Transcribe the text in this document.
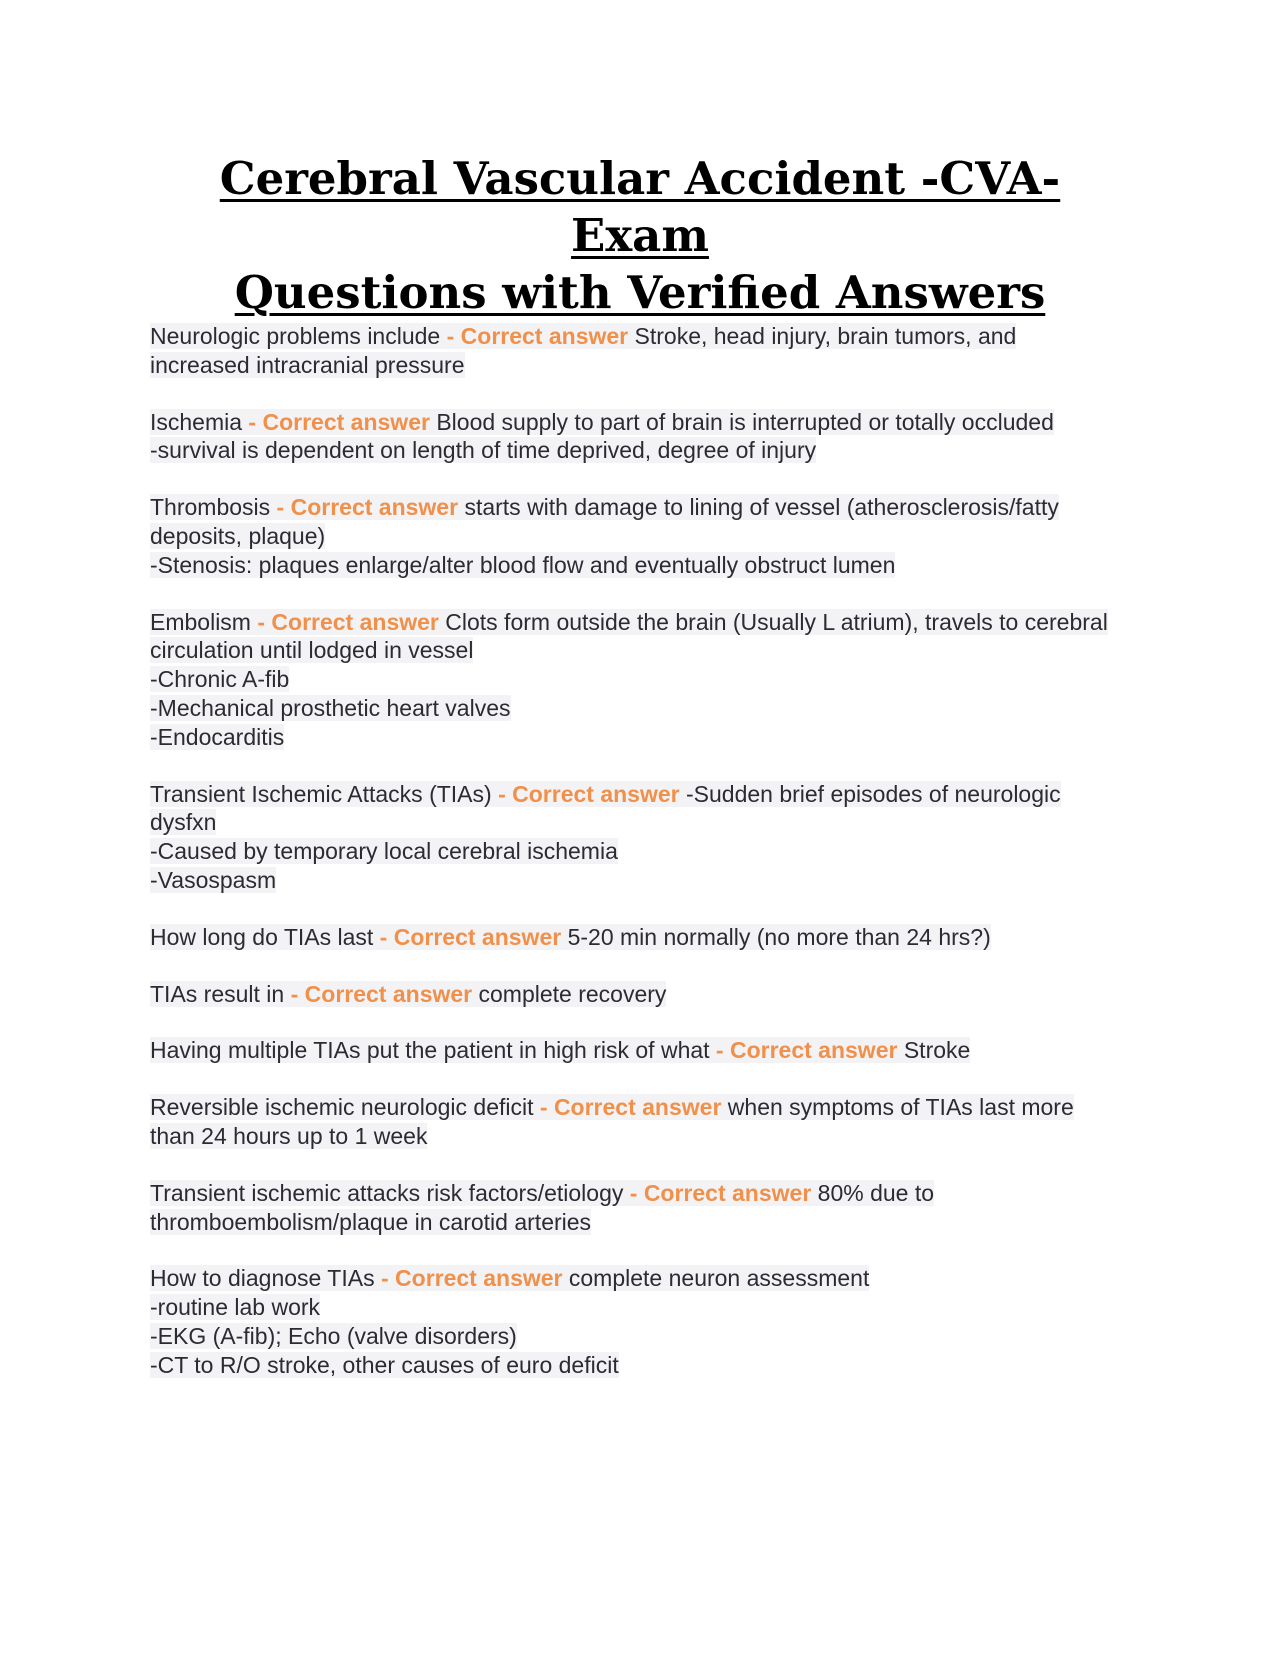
Cerebral Vascular Accident -CVA- Exam
Questions with Verified Answers
Neurologic problems include - Correct answer Stroke, head injury, brain tumors, and increased intracranial pressure
Ischemia - Correct answer Blood supply to part of brain is interrupted or totally occluded
-survival is dependent on length of time deprived, degree of injury
Thrombosis - Correct answer starts with damage to lining of vessel (atherosclerosis/fatty deposits, plaque)
-Stenosis: plaques enlarge/alter blood flow and eventually obstruct lumen
Embolism - Correct answer Clots form outside the brain (Usually L atrium), travels to cerebral circulation until lodged in vessel
-Chronic A-fib
-Mechanical prosthetic heart valves
-Endocarditis
Transient Ischemic Attacks (TIAs) - Correct answer -Sudden brief episodes of neurologic dysfxn
-Caused by temporary local cerebral ischemia
-Vasospasm
How long do TIAs last - Correct answer 5-20 min normally (no more than 24 hrs?)
TIAs result in - Correct answer complete recovery
Having multiple TIAs put the patient in high risk of what - Correct answer Stroke
Reversible ischemic neurologic deficit - Correct answer when symptoms of TIAs last more than 24 hours up to 1 week
Transient ischemic attacks risk factors/etiology - Correct answer 80% due to thromboembolism/plaque in carotid arteries
How to diagnose TIAs - Correct answer complete neuron assessment
-routine lab work
-EKG (A-fib); Echo (valve disorders)
-CT to R/O stroke, other causes of euro deficit
